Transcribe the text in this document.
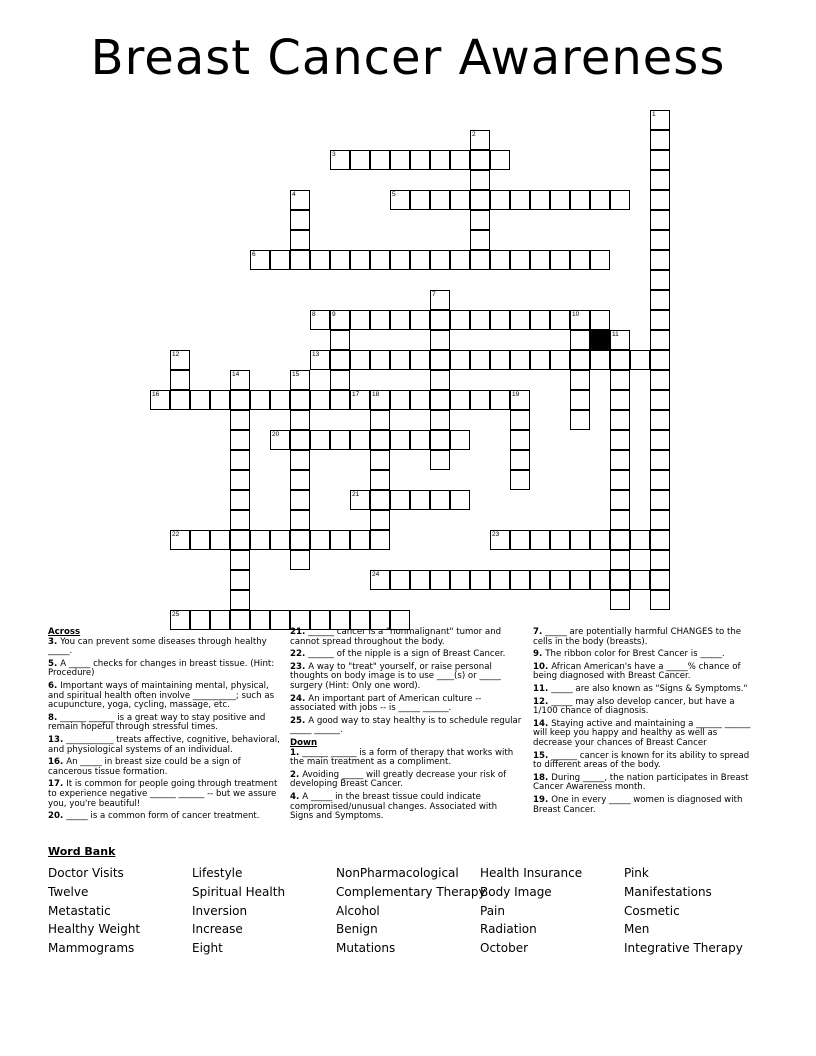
Breast Cancer Awareness
1
2
3
4	5
6
7
8	9	10
11
12	13
14	15
16	17 18	19
20
21
22	23
24
25
Across
3. You can prevent some diseases through healthy _____.
5. A _____ checks for changes in breast tissue. (Hint: Procedure)
6. Important ways of maintaining mental, physical, and spiritual health often involve __________; such as acupuncture, yoga, cycling, massage, etc.
8. ______ ______ is a great way to stay positive and remain hopeful through stressful times.
13. ___________ treats affective, cognitive, behavioral, and physiological systems of an individual.
16. An _____ in breast size could be a sign of cancerous tissue formation.
17. It is common for people going through treatment to experience negative ______ ______ -- but we assure you, you're beautiful!
20. _____ is a common form of cancer treatment.
21. ______ cancer is a "nonmalignant" tumor and cannot spread throughout the body.
22. ______ of the nipple is a sign of Breast Cancer.
23. A way to "treat" yourself, or raise personal thoughts on body image is to use ____(s) or _____ surgery (Hint: Only one word).
24. An important part of American culture -- associated with jobs -- is _____ ______.
25. A good way to stay healthy is to schedule regular _____ ______.
Down
1. ______ ______ is a form of therapy that works with the main treatment as a compliment.
2. Avoiding _____ will greatly decrease your risk of developing Breast Cancer.
4. A _____ in the breast tissue could indicate compromised/unusual changes. Associated with Signs and Symptoms.
7. _____ are potentially harmful CHANGES to the cells in the body (breasts).
9. The ribbon color for Brest Cancer is _____.
10. African American's have a _____% chance of being diagnosed with Breast Cancer.
11. _____ are also known as "Signs & Symptoms."
12. _____ may also develop cancer, but have a 1/100 chance of diagnosis.
14. Staying active and maintaining a ______ ______ will keep you happy and healthy as well as decrease your chances of Breast Cancer
15. ______ cancer is known for its ability to spread to different areas of the body.
18. During _____, the nation participates in Breast Cancer Awareness month.
19. One in every _____ women is diagnosed with Breast Cancer.
Word Bank
Doctor Visits
Twelve
Metastatic
Healthy Weight
Mammograms
Lifestyle
Spiritual Health
Inversion
Increase
Eight
NonPharmacological
Complementary Therapy
Alcohol
Benign
Mutations
Health Insurance
Body Image
Pain
Radiation
October
Pink
Manifestations
Cosmetic
Men
Integrative Therapy
